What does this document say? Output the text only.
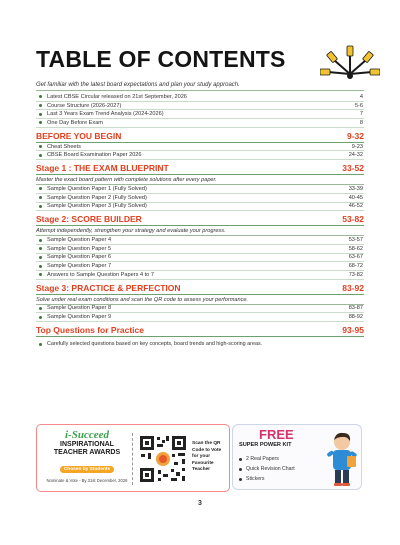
TABLE OF CONTENTS
Get familiar with the latest board expectations and plan your study approach.
Latest CBSE Circular released on 21st September, 2026	4
Course Structure (2026-2027)	5-6
Last 3 Years Exam Trend Analysis (2024-2026)	7
One Day Before Exam	8
BEFORE YOU BEGIN	9-32
Cheat Sheets	9-23
CBSE Board Examination Paper 2026	24-32
Stage 1 : THE EXAM BLUEPRINT	33-52
Master the exact board pattern with complete solutions after every paper.
Sample Question Paper 1 (Fully Solved)	33-39
Sample Question Paper 2 (Fully Solved)	40-45
Sample Question Paper 3 (Fully Solved)	46-52
Stage 2: SCORE BUILDER	53-82
Attempt independently, strengthen your strategy and evaluate your progress.
Sample Question Paper 4	53-57
Sample Question Paper 5	58-62
Sample Question Paper 6	63-67
Sample Question Paper 7	68-72
Answers to Sample Question Papers 4 to 7	73-82
Stage 3: PRACTICE & PERFECTION	83-92
Solve under real exam conditions and scan the QR code to assess your performance.
Sample Question Paper 8	83-87
Sample Question Paper 9	88-92
Top Questions for Practice	93-95
Carefully selected questions based on key concepts, board trends and high-scoring areas.
i-Succeed
INSPIRATIONAL
TEACHER AWARDS
Chosen by Students
Nominate & Vote - By 31st December, 2026
Scan the QR Code to Vote for your Favourite Teacher
FREE
SUPER POWER KIT
2 Real Papers
Quick Revision Chart
Stickers
3
